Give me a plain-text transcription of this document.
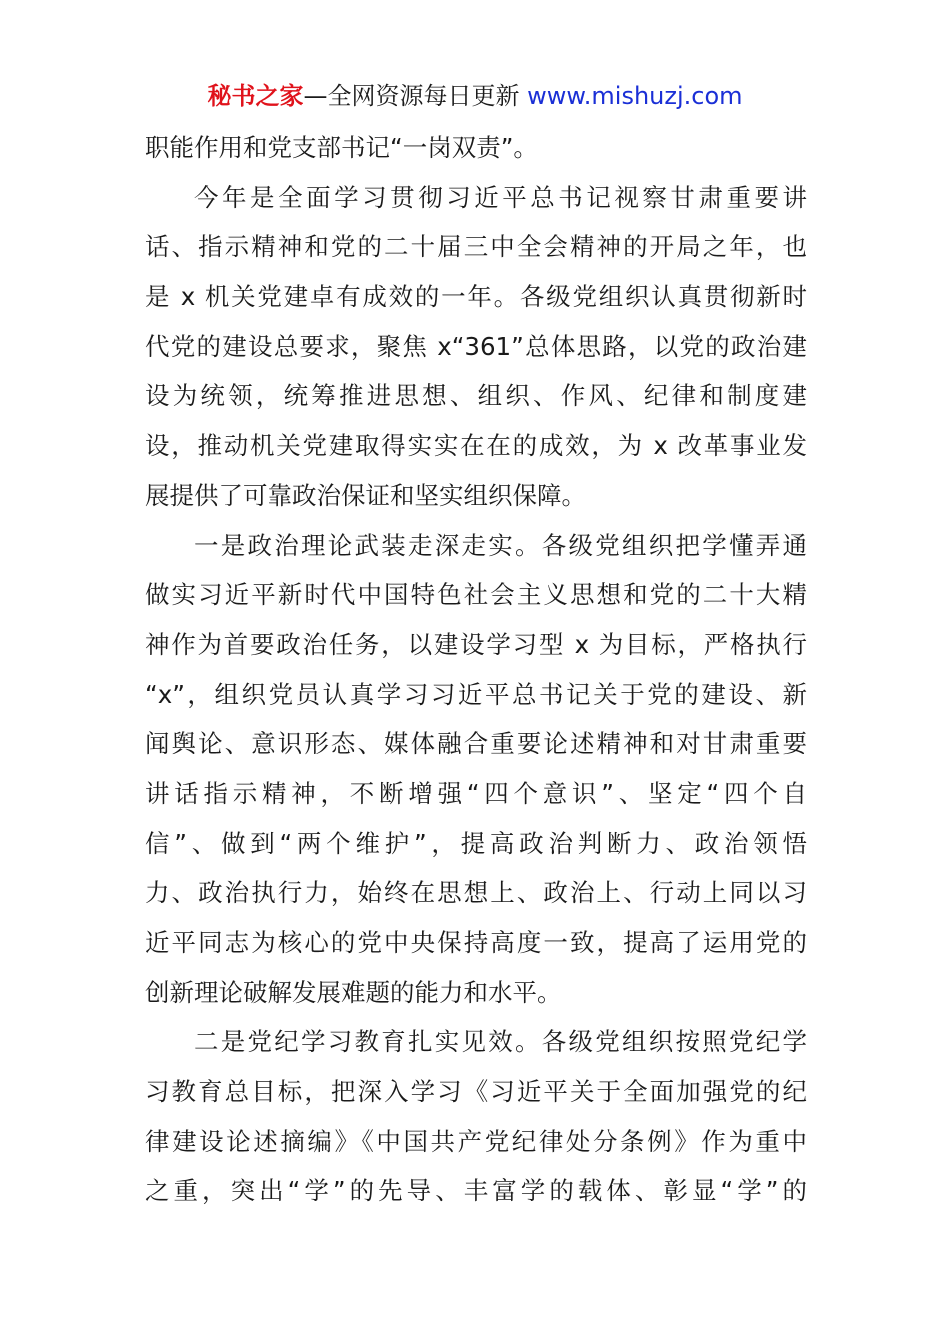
秘书之家—全网资源每日更新 www.mishuzj.com
职能作用和党支部书记“一岗双责”。
今年是全面学习贯彻习近平总书记视察甘肃重要讲
话、指示精神和党的二十届三中全会精神的开局之年，也
是 x 机关党建卓有成效的一年。各级党组织认真贯彻新时
代党的建设总要求，聚焦 x“361”总体思路，以党的政治建
设为统领，统筹推进思想、组织、作风、纪律和制度建
设，推动机关党建取得实实在在的成效，为 x 改革事业发
展提供了可靠政治保证和坚实组织保障。
一是政治理论武装走深走实。各级党组织把学懂弄通
做实习近平新时代中国特色社会主义思想和党的二十大精
神作为首要政治任务，以建设学习型 x 为目标，严格执行
“x”，组织党员认真学习习近平总书记关于党的建设、新
闻舆论、意识形态、媒体融合重要论述精神和对甘肃重要
讲话指示精神，不断增强“四个意识”、坚定“四个自
信”、做到“两个维护”，提高政治判断力、政治领悟
力、政治执行力，始终在思想上、政治上、行动上同以习
近平同志为核心的党中央保持高度一致，提高了运用党的
创新理论破解发展难题的能力和水平。
二是党纪学习教育扎实见效。各级党组织按照党纪学
习教育总目标，把深入学习《习近平关于全面加强党的纪
律建设论述摘编》《中国共产党纪律处分条例》作为重中
之重，突出“学”的先导、丰富学的载体、彰显“学”的
